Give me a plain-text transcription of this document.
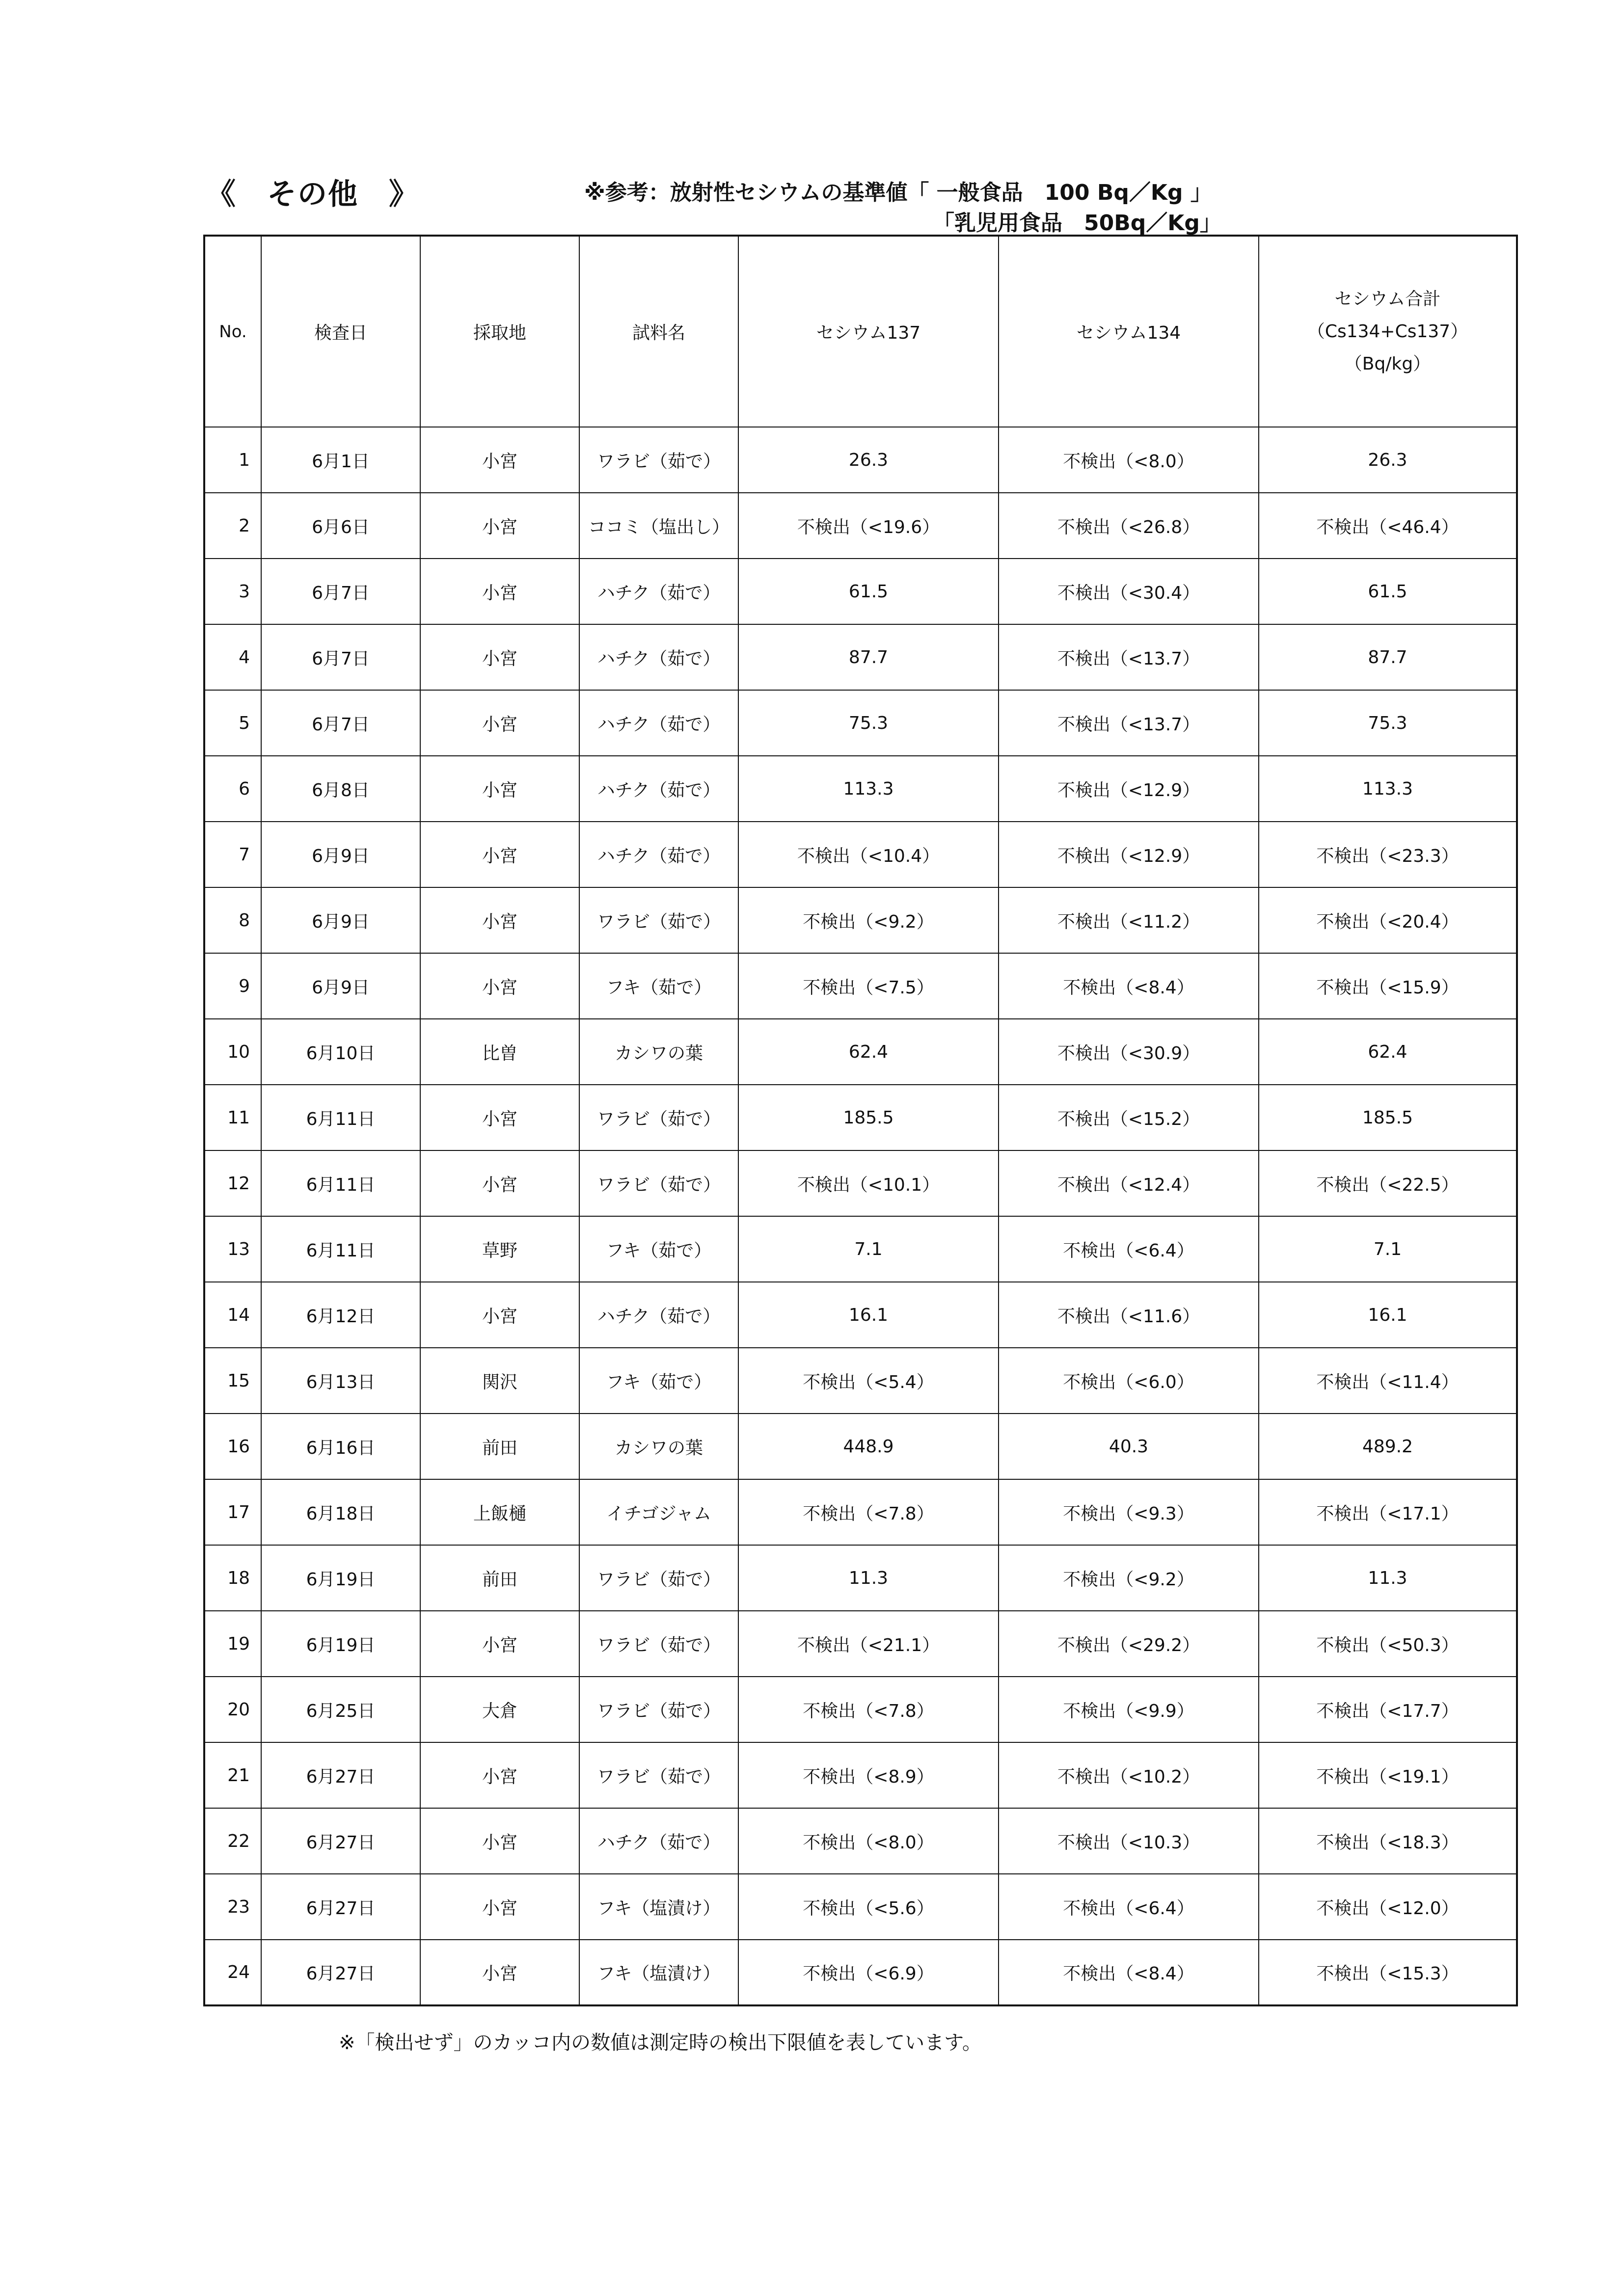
《　その他　》	※参考：放射性セシウムの基準値「 一般食品　100 Bq／Kg 」
「乳児用食品　50Bq／Kg」
No.	検査日	採取地	試料名	セシウム137	セシウム134	セシウム合計
（Cs134+Cs137）
（Bq/kg）

1	6月1日	小宮	ワラビ（茹で）	26.3	不検出（<8.0）	26.3
2	6月6日	小宮	ココミ（塩出し）	不検出（<19.6）	不検出（<26.8）	不検出（<46.4）
3	6月7日	小宮	ハチク（茹で）	61.5	不検出（<30.4）	61.5
4	6月7日	小宮	ハチク（茹で）	87.7	不検出（<13.7）	87.7
5	6月7日	小宮	ハチク（茹で）	75.3	不検出（<13.7）	75.3
6	6月8日	小宮	ハチク（茹で）	113.3	不検出（<12.9）	113.3
7	6月9日	小宮	ハチク（茹で）	不検出（<10.4）	不検出（<12.9）	不検出（<23.3）
8	6月9日	小宮	ワラビ（茹で）	不検出（<9.2）	不検出（<11.2）	不検出（<20.4）
9	6月9日	小宮	フキ（茹で）	不検出（<7.5）	不検出（<8.4）	不検出（<15.9）
10	6月10日	比曽	カシワの葉	62.4	不検出（<30.9）	62.4
11	6月11日	小宮	ワラビ（茹で）	185.5	不検出（<15.2）	185.5
12	6月11日	小宮	ワラビ（茹で）	不検出（<10.1）	不検出（<12.4）	不検出（<22.5）
13	6月11日	草野	フキ（茹で）	7.1	不検出（<6.4）	7.1
14	6月12日	小宮	ハチク（茹で）	16.1	不検出（<11.6）	16.1
15	6月13日	関沢	フキ（茹で）	不検出（<5.4）	不検出（<6.0）	不検出（<11.4）
16	6月16日	前田	カシワの葉	448.9	40.3	489.2
17	6月18日	上飯樋	イチゴジャム	不検出（<7.8）	不検出（<9.3）	不検出（<17.1）
18	6月19日	前田	ワラビ（茹で）	11.3	不検出（<9.2）	11.3
19	6月19日	小宮	ワラビ（茹で）	不検出（<21.1）	不検出（<29.2）	不検出（<50.3）
20	6月25日	大倉	ワラビ（茹で）	不検出（<7.8）	不検出（<9.9）	不検出（<17.7）
21	6月27日	小宮	ワラビ（茹で）	不検出（<8.9）	不検出（<10.2）	不検出（<19.1）
22	6月27日	小宮	ハチク（茹で）	不検出（<8.0）	不検出（<10.3）	不検出（<18.3）
23	6月27日	小宮	フキ（塩漬け）	不検出（<5.6）	不検出（<6.4）	不検出（<12.0）
24	6月27日	小宮	フキ（塩漬け）	不検出（<6.9）	不検出（<8.4）	不検出（<15.3）
※「検出せず」のカッコ内の数値は測定時の検出下限値を表しています。
